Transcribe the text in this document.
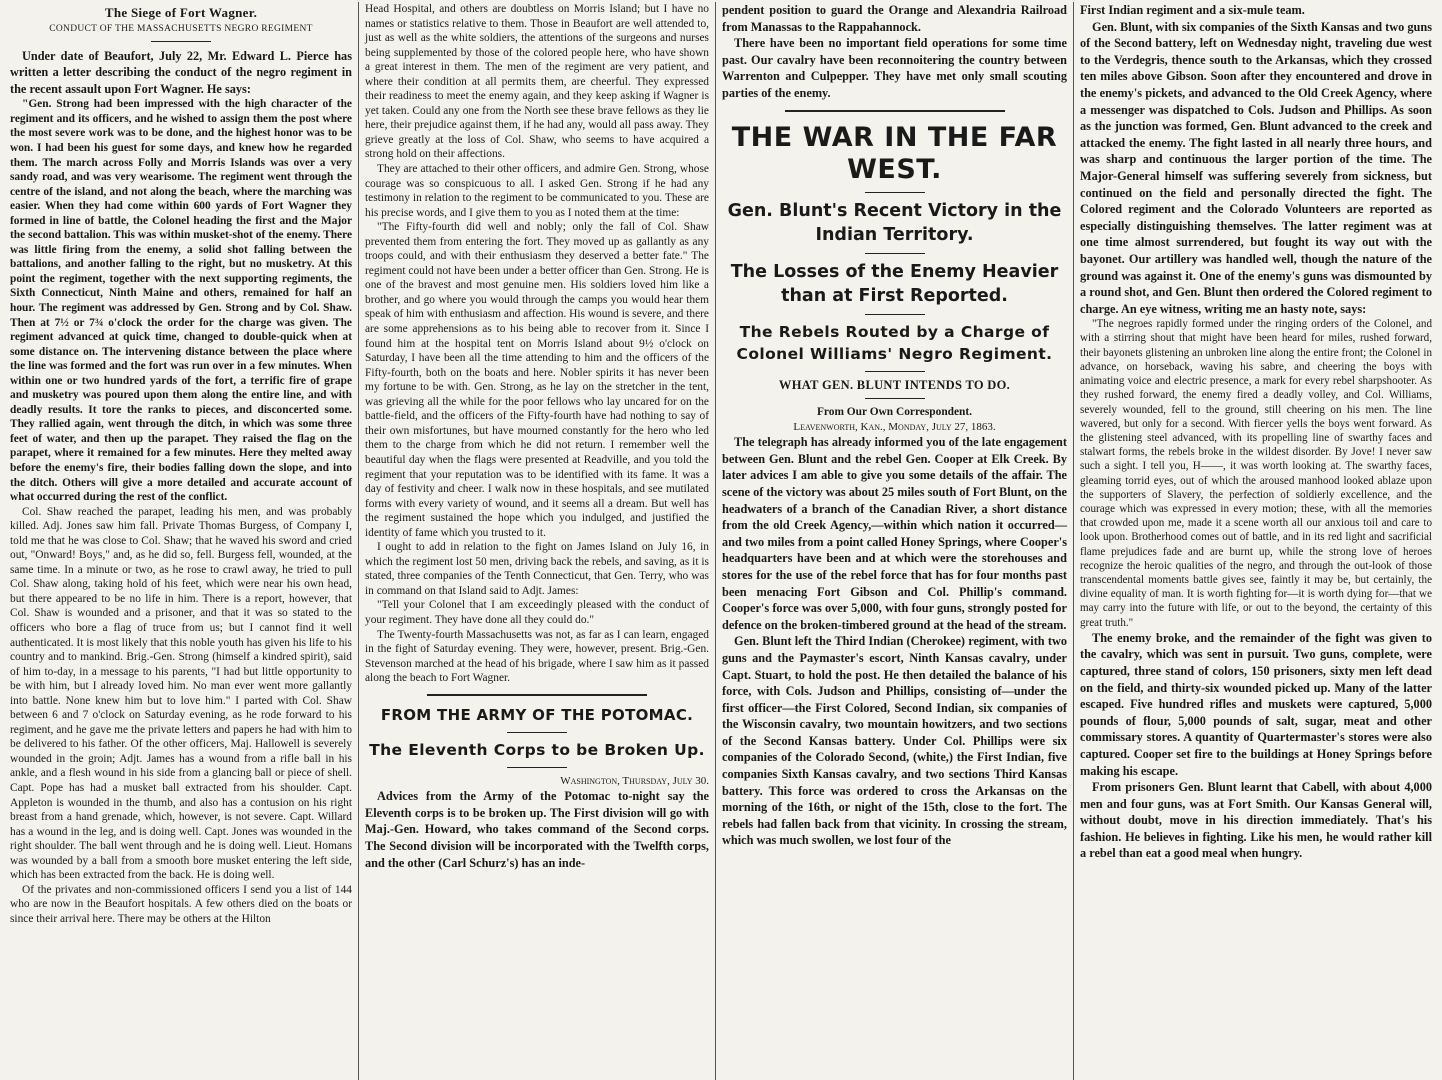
The Siege of Fort Wagner.
CONDUCT OF THE MASSACHUSETTS NEGRO REGIMENT

Under date of Beaufort, July 22, Mr. Edward L. Pierce has written a letter describing the conduct of the negro regiment in the recent assault upon Fort Wagner. He says:

"Gen. Strong had been impressed with the high character of the regiment and its officers, and he wished to assign them the post where the most severe work was to be done, and the highest honor was to be won. I had been his guest for some days, and knew how he regarded them. The march across Folly and Morris Islands was over a very sandy road, and was very wearisome. The regiment went through the centre of the island, and not along the beach, where the marching was easier. When they had come within 600 yards of Fort Wagner they formed in line of battle, the Colonel heading the first and the Major the second battalion. This was within musket-shot of the enemy. There was little firing from the enemy, a solid shot falling between the battalions, and another falling to the right, but no musketry. At this point the regiment, together with the next supporting regiments, the Sixth Connecticut, Ninth Maine and others, remained for half an hour. The regiment was addressed by Gen. Strong and by Col. Shaw. Then at 7½ or 7¾ o'clock the order for the charge was given. The regiment advanced at quick time, changed to double-quick when at some distance on. The intervening distance between the place where the line was formed and the fort was run over in a few minutes. When within one or two hundred yards of the fort, a terrific fire of grape and musketry was poured upon them along the entire line, and with deadly results. It tore the ranks to pieces, and disconcerted some. They rallied again, went through the ditch, in which was some three feet of water, and then up the parapet. They raised the flag on the parapet, where it remained for a few minutes. Here they melted away before the enemy's fire, their bodies falling down the slope, and into the ditch. Others will give a more detailed and accurate account of what occurred during the rest of the conflict.

Col. Shaw reached the parapet, leading his men, and was probably killed. Adj. Jones saw him fall. Private Thomas Burgess, of Company I, told me that he was close to Col. Shaw; that he waved his sword and cried out, "Onward! Boys," and, as he did so, fell. Burgess fell, wounded, at the same time. In a minute or two, as he rose to crawl away, he tried to pull Col. Shaw along, taking hold of his feet, which were near his own head, but there appeared to be no life in him. There is a report, however, that Col. Shaw is wounded and a prisoner, and that it was so stated to the officers who bore a flag of truce from us; but I cannot find it well authenticated. It is most likely that this noble youth has given his life to his country and to mankind. Brig.-Gen. Strong (himself a kindred spirit), said of him to-day, in a message to his parents, "I had but little opportunity to be with him, but I already loved him. No man ever went more gallantly into battle. None knew him but to love him." I parted with Col. Shaw between 6 and 7 o'clock on Saturday evening, as he rode forward to his regiment, and he gave me the private letters and papers he had with him to be delivered to his father. Of the other officers, Maj. Hallowell is severely wounded in the groin; Adjt. James has a wound from a rifle ball in his ankle, and a flesh wound in his side from a glancing ball or piece of shell. Capt. Pope has had a musket ball extracted from his shoulder. Capt. Appleton is wounded in the thumb, and also has a contusion on his right breast from a hand grenade, which, however, is not severe. Capt. Willard has a wound in the leg, and is doing well. Capt. Jones was wounded in the right shoulder. The ball went through and he is doing well. Lieut. Homans was wounded by a ball from a smooth bore musket entering the left side, which has been extracted from the back. He is doing well.

Of the privates and non-commissioned officers I send you a list of 144 who are now in the Beaufort hospitals. A few others died on the boats or since their arrival here. There may be others at the Hilton

Head Hospital, and others are doubtless on Morris Island; but I have no names or statistics relative to them. Those in Beaufort are well attended to, just as well as the white soldiers, the attentions of the surgeons and nurses being supplemented by those of the colored people here, who have shown a great interest in them. The men of the regiment are very patient, and where their condition at all permits them, are cheerful. They expressed their readiness to meet the enemy again, and they keep asking if Wagner is yet taken. Could any one from the North see these brave fellows as they lie here, their prejudice against them, if he had any, would all pass away. They grieve greatly at the loss of Col. Shaw, who seems to have acquired a strong hold on their affections.

They are attached to their other officers, and admire Gen. Strong, whose courage was so conspicuous to all. I asked Gen. Strong if he had any testimony in relation to the regiment to be communicated to you. These are his precise words, and I give them to you as I noted them at the time:

"The Fifty-fourth did well and nobly; only the fall of Col. Shaw prevented them from entering the fort. They moved up as gallantly as any troops could, and with their enthusiasm they deserved a better fate." The regiment could not have been under a better officer than Gen. Strong. He is one of the bravest and most genuine men. His soldiers loved him like a brother, and go where you would through the camps you would hear them speak of him with enthusiasm and affection. His wound is severe, and there are some apprehensions as to his being able to recover from it. Since I found him at the hospital tent on Morris Island about 9½ o'clock on Saturday, I have been all the time attending to him and the officers of the Fifty-fourth, both on the boats and here. Nobler spirits it has never been my fortune to be with. Gen. Strong, as he lay on the stretcher in the tent, was grieving all the while for the poor fellows who lay uncared for on the battle-field, and the officers of the Fifty-fourth have had nothing to say of their own misfortunes, but have mourned constantly for the hero who led them to the charge from which he did not return. I remember well the beautiful day when the flags were presented at Readville, and you told the regiment that your reputation was to be identified with its fame. It was a day of festivity and cheer. I walk now in these hospitals, and see mutilated forms with every variety of wound, and it seems all a dream. But well has the regiment sustained the hope which you indulged, and justified the identity of fame which you trusted to it.

I ought to add in relation to the fight on James Island on July 16, in which the regiment lost 50 men, driving back the rebels, and saving, as it is stated, three companies of the Tenth Connecticut, that Gen. Terry, who was in command on that Island said to Adjt. James:

"Tell your Colonel that I am exceedingly pleased with the conduct of your regiment. They have done all they could do."

The Twenty-fourth Massachusetts was not, as far as I can learn, engaged in the fight of Saturday evening. They were, however, present. Brig.-Gen. Stevenson marched at the head of his brigade, where I saw him as it passed along the beach to Fort Wagner.

FROM THE ARMY OF THE POTOMAC.
The Eleventh Corps to be Broken Up.

Washington, Thursday, July 30.

Advices from the Army of the Potomac to-night say the Eleventh corps is to be broken up. The First division will go with Maj.-Gen. Howard, who takes command of the Second corps. The Second division will be incorporated with the Twelfth corps, and the other (Carl Schurz's) has an inde-

pendent position to guard the Orange and Alexandria Railroad from Manassas to the Rappahannock.

There have been no important field operations for some time past. Our cavalry have been reconnoitering the country between Warrenton and Culpepper. They have met only small scouting parties of the enemy.

THE WAR IN THE FAR WEST.
Gen. Blunt's Recent Victory in the Indian Territory.
The Losses of the Enemy Heavier than at First Reported.
The Rebels Routed by a Charge of Colonel Williams' Negro Regiment.
WHAT GEN. BLUNT INTENDS TO DO.

From Our Own Correspondent.

Leavenworth, Kan., Monday, July 27, 1863.

The telegraph has already informed you of the late engagement between Gen. Blunt and the rebel Gen. Cooper at Elk Creek. By later advices I am able to give you some details of the affair. The scene of the victory was about 25 miles south of Fort Blunt, on the headwaters of a branch of the Canadian River, a short distance from the old Creek Agency,—within which nation it occurred—and two miles from a point called Honey Springs, where Cooper's headquarters have been and at which were the storehouses and stores for the use of the rebel force that has for four months past been menacing Fort Gibson and Col. Phillip's command. Cooper's force was over 5,000, with four guns, strongly posted for defence on the broken-timbered ground at the head of the stream.

Gen. Blunt left the Third Indian (Cherokee) regiment, with two guns and the Paymaster's escort, Ninth Kansas cavalry, under Capt. Stuart, to hold the post. He then detailed the balance of his force, with Cols. Judson and Phillips, consisting of—under the first officer—the First Colored, Second Indian, six companies of the Wisconsin cavalry, two mountain howitzers, and two sections of the Second Kansas battery. Under Col. Phillips were six companies of the Colorado Second, (white,) the First Indian, five companies Sixth Kansas cavalry, and two sections Third Kansas battery. This force was ordered to cross the Arkansas on the morning of the 16th, or night of the 15th, close to the fort. The rebels had fallen back from that vicinity. In crossing the stream, which was much swollen, we lost four of the

First Indian regiment and a six-mule team.

Gen. Blunt, with six companies of the Sixth Kansas and two guns of the Second battery, left on Wednesday night, traveling due west to the Verdegris, thence south to the Arkansas, which they crossed ten miles above Gibson. Soon after they encountered and drove in the enemy's pickets, and advanced to the Old Creek Agency, where a messenger was dispatched to Cols. Judson and Phillips. As soon as the junction was formed, Gen. Blunt advanced to the creek and attacked the enemy. The fight lasted in all nearly three hours, and was sharp and continuous the larger portion of the time. The Major-General himself was suffering severely from sickness, but continued on the field and personally directed the fight. The Colored regiment and the Colorado Volunteers are reported as especially distinguishing themselves. The latter regiment was at one time almost surrendered, but fought its way out with the bayonet. Our artillery was handled well, though the nature of the ground was against it. One of the enemy's guns was dismounted by a round shot, and Gen. Blunt then ordered the Colored regiment to charge. An eye witness, writing me an hasty note, says:

"The negroes rapidly formed under the ringing orders of the Colonel, and with a stirring shout that might have been heard for miles, rushed forward, their bayonets glistening an unbroken line along the entire front; the Colonel in advance, on horseback, waving his sabre, and cheering the boys with animating voice and electric presence, a mark for every rebel sharpshooter. As they rushed forward, the enemy fired a deadly volley, and Col. Williams, severely wounded, fell to the ground, still cheering on his men. The line wavered, but only for a second. With fiercer yells the boys went forward. As the glistening steel advanced, with its propelling line of swarthy faces and stalwart forms, the rebels broke in the wildest disorder. By Jove! I never saw such a sight. I tell you, H——, it was worth looking at. The swarthy faces, gleaming torrid eyes, out of which the aroused manhood looked ablaze upon the supporters of Slavery, the perfection of soldierly excellence, and the courage which was expressed in every motion; these, with all the memories that crowded upon me, made it a scene worth all our anxious toil and care to look upon. Brotherhood comes out of battle, and in its red light and sacrificial flame prejudices fade and are burnt up, while the strong love of heroes recognize the heroic qualities of the negro, and through the out-look of those transcendental moments battle gives see, faintly it may be, but certainly, the divine equality of man. It is worth fighting for—it is worth dying for—that we may carry into the future with life, or out to the beyond, the certainty of this great truth."

The enemy broke, and the remainder of the fight was given to the cavalry, which was sent in pursuit. Two guns, complete, were captured, three stand of colors, 150 prisoners, sixty men left dead on the field, and thirty-six wounded picked up. Many of the latter escaped. Five hundred rifles and muskets were captured, 5,000 pounds of flour, 5,000 pounds of salt, sugar, meat and other commissary stores. A quantity of Quartermaster's stores were also captured. Cooper set fire to the buildings at Honey Springs before making his escape.

From prisoners Gen. Blunt learnt that Cabell, with about 4,000 men and four guns, was at Fort Smith. Our Kansas General will, without doubt, move in his direction immediately. That's his fashion. He believes in fighting. Like his men, he would rather kill a rebel than eat a good meal when hungry.
